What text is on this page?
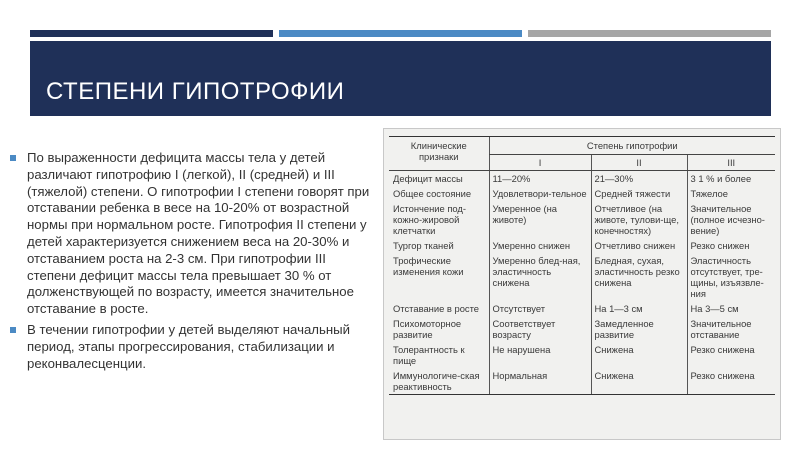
СТЕПЕНИ ГИПОТРОФИИ
По выраженности дефицита массы тела у детей различают гипотрофию I (легкой), II (средней) и III (тяжелой) степени. О гипотрофии I степени говорят при отставании ребенка в весе на 10-20% от возрастной нормы при нормальном росте. Гипотрофия II степени у детей характеризуется снижением веса на 20-30% и отставанием роста на 2-3 см. При гипотрофии III степени дефицит массы тела превышает 30 % от долженствующей по возрасту, имеется значительное отставание в росте.
В течении гипотрофии у детей выделяют начальный период, этапы прогрессирования, стабилизации и реконвалесценции.
Клинические признаки	Степень гипотрофии		
	I	II	III
Дефицит массы	11—20%	21—30%	3 1 % и более
Общее состояние	Удовлетвори-тельное	Средней тяжести	Тяжелое
Истончение под-кожно-жировой клетчатки	Умеренное (на животе)	Отчетливое (на животе, тулови-ще, конечностях)	Значительное (полное исчезно-вение)
Тургор тканей	Умеренно снижен	Отчетливо снижен	Резко снижен
Трофические изменения кожи	Умеренно блед-ная, эластичность снижена	Бледная, сухая, эластичность резко снижена	Эластичность отсутствует, тре-щины, изъязвле-ния
Отставание в росте	Отсутствует	На 1—3 см	На 3—5 см
Психомоторное развитие	Соответствует возрасту	Замедленное развитие	Значительное отставание
Толерантность к пище	Не нарушена	Снижена	Резко снижена
Иммунологиче-ская реактивность	Нормальная	Снижена	Резко снижена
